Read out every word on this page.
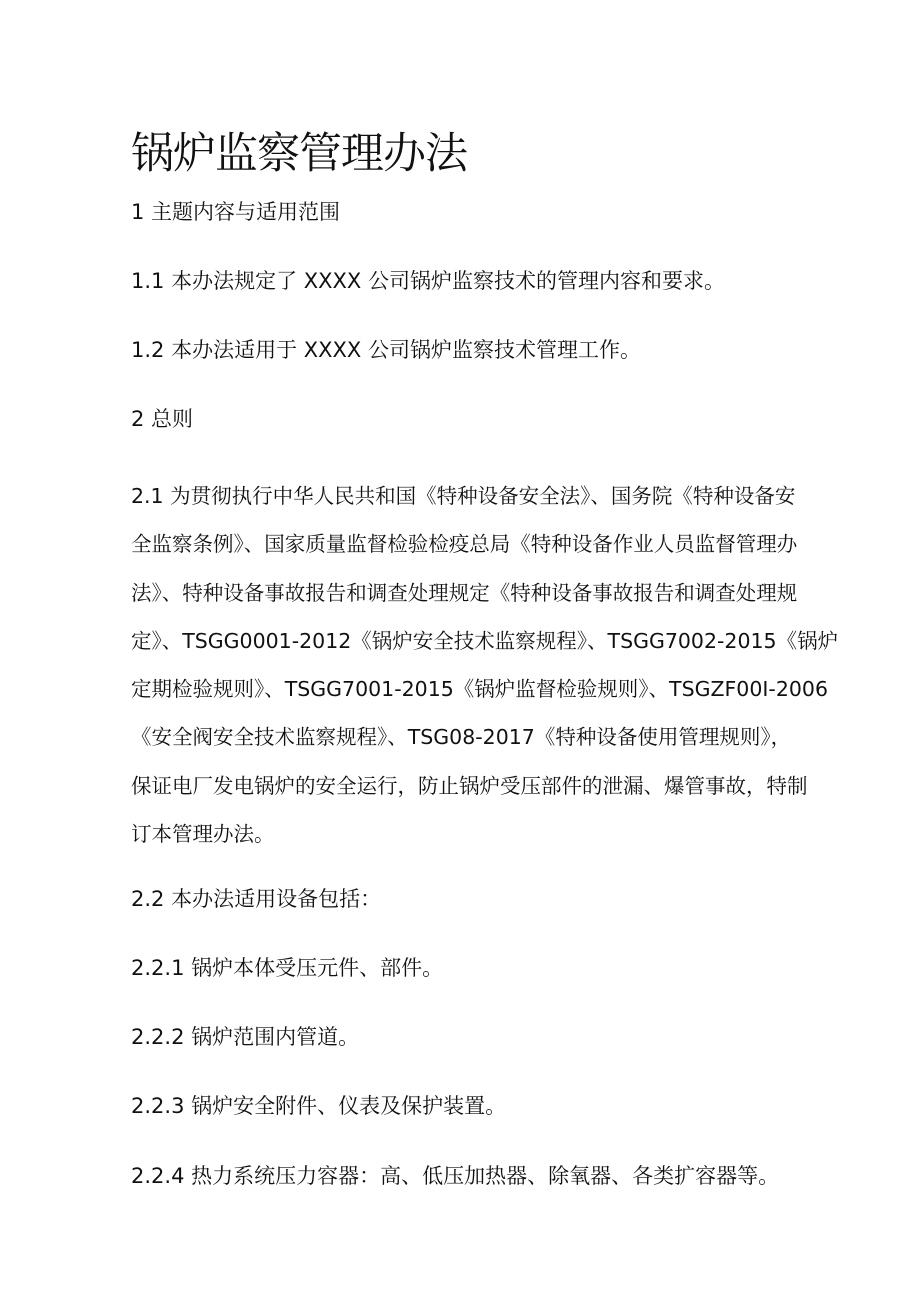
锅炉监察管理办法

1 主题内容与适用范围

1.1 本办法规定了 XXXX 公司锅炉监察技术的管理内容和要求。

1.2 本办法适用于 XXXX 公司锅炉监察技术管理工作。

2 总则

2.1 为贯彻执行中华人民共和国《特种设备安全法》、国务院《特种设备安
全监察条例》、国家质量监督检验检疫总局《特种设备作业人员监督管理办
法》、特种设备事故报告和调查处理规定《特种设备事故报告和调查处理规
定》、TSGG0001-2012《锅炉安全技术监察规程》、TSGG7002-2015《锅炉
定期检验规则》、TSGG7001-2015《锅炉监督检验规则》、TSGZF00I-2006
《安全阀安全技术监察规程》、TSG08-2017《特种设备使用管理规则》，
保证电厂发电锅炉的安全运行，防止锅炉受压部件的泄漏、爆管事故，特制
订本管理办法。

2.2 本办法适用设备包括：

2.2.1 锅炉本体受压元件、部件。

2.2.2 锅炉范围内管道。

2.2.3 锅炉安全附件、仪表及保护装置。

2.2.4 热力系统压力容器：高、低压加热器、除氧器、各类扩容器等。
